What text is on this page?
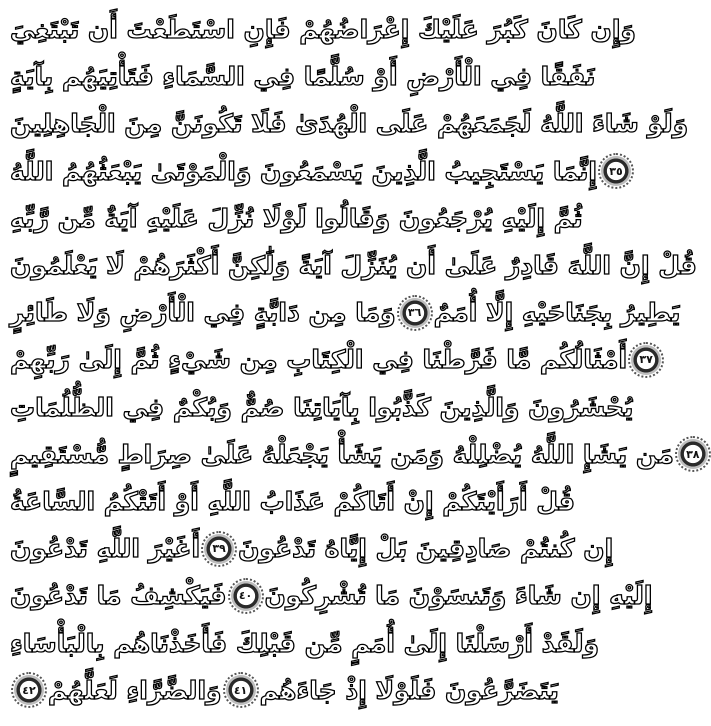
وَإِن كَانَ كَبُرَ عَلَيْكَ إِعْرَاضُهُمْ فَإِنِ اسْتَطَعْتَ أَن تَبْتَغِيَ
نَفَقًا فِي الْأَرْضِ أَوْ سُلَّمًا فِي السَّمَاءِ فَتَأْتِيَهُم بِآيَةٍ
وَلَوْ شَاءَ اللَّهُ لَجَمَعَهُمْ عَلَى الْهُدَىٰ فَلَا تَكُونَنَّ مِنَ الْجَاهِلِينَ
إِنَّمَا يَسْتَجِيبُ الَّذِينَ يَسْمَعُونَ وَالْمَوْتَىٰ يَبْعَثُهُمُ اللَّهُ ٣٥
ثُمَّ إِلَيْهِ يُرْجَعُونَ وَقَالُوا لَوْلَا نُزِّلَ عَلَيْهِ آيَةٌ مِّن رَّبِّهِ
قُلْ إِنَّ اللَّهَ قَادِرٌ عَلَىٰ أَن يُنَزِّلَ آيَةً وَلَٰكِنَّ أَكْثَرَهُمْ لَا يَعْلَمُونَ
وَمَا مِن دَابَّةٍ فِي الْأَرْضِ وَلَا طَائِرٍ ٣٦ يَطِيرُ بِجَنَاحَيْهِ إِلَّا أُمَمٌ
أَمْثَالُكُم مَّا فَرَّطْنَا فِي الْكِتَابِ مِن شَيْءٍ ثُمَّ إِلَىٰ رَبِّهِمْ ٣٧
يُحْشَرُونَ وَالَّذِينَ كَذَّبُوا بِآيَاتِنَا صُمٌّ وَبُكْمٌ فِي الظُّلُمَاتِ
مَن يَشَإِ اللَّهُ يُضْلِلْهُ وَمَن يَشَأْ يَجْعَلْهُ عَلَىٰ صِرَاطٍ مُّسْتَقِيمٍ ٣٨
قُلْ أَرَأَيْتَكُمْ إِنْ أَتَاكُمْ عَذَابُ اللَّهِ أَوْ أَتَتْكُمُ السَّاعَةُ
أَغَيْرَ اللَّهِ تَدْعُونَ ٣٩ إِن كُنتُمْ صَادِقِينَ بَلْ إِيَّاهُ تَدْعُونَ
فَيَكْشِفُ مَا تَدْعُونَ ٤٠ إِلَيْهِ إِن شَاءَ وَتَنسَوْنَ مَا تُشْرِكُونَ
وَلَقَدْ أَرْسَلْنَا إِلَىٰ أُمَمٍ مِّن قَبْلِكَ فَأَخَذْنَاهُم بِالْبَأْسَاءِ
٤٢ وَالضَّرَّاءِ لَعَلَّهُمْ ٤١ يَتَضَرَّعُونَ فَلَوْلَا إِذْ جَاءَهُم
